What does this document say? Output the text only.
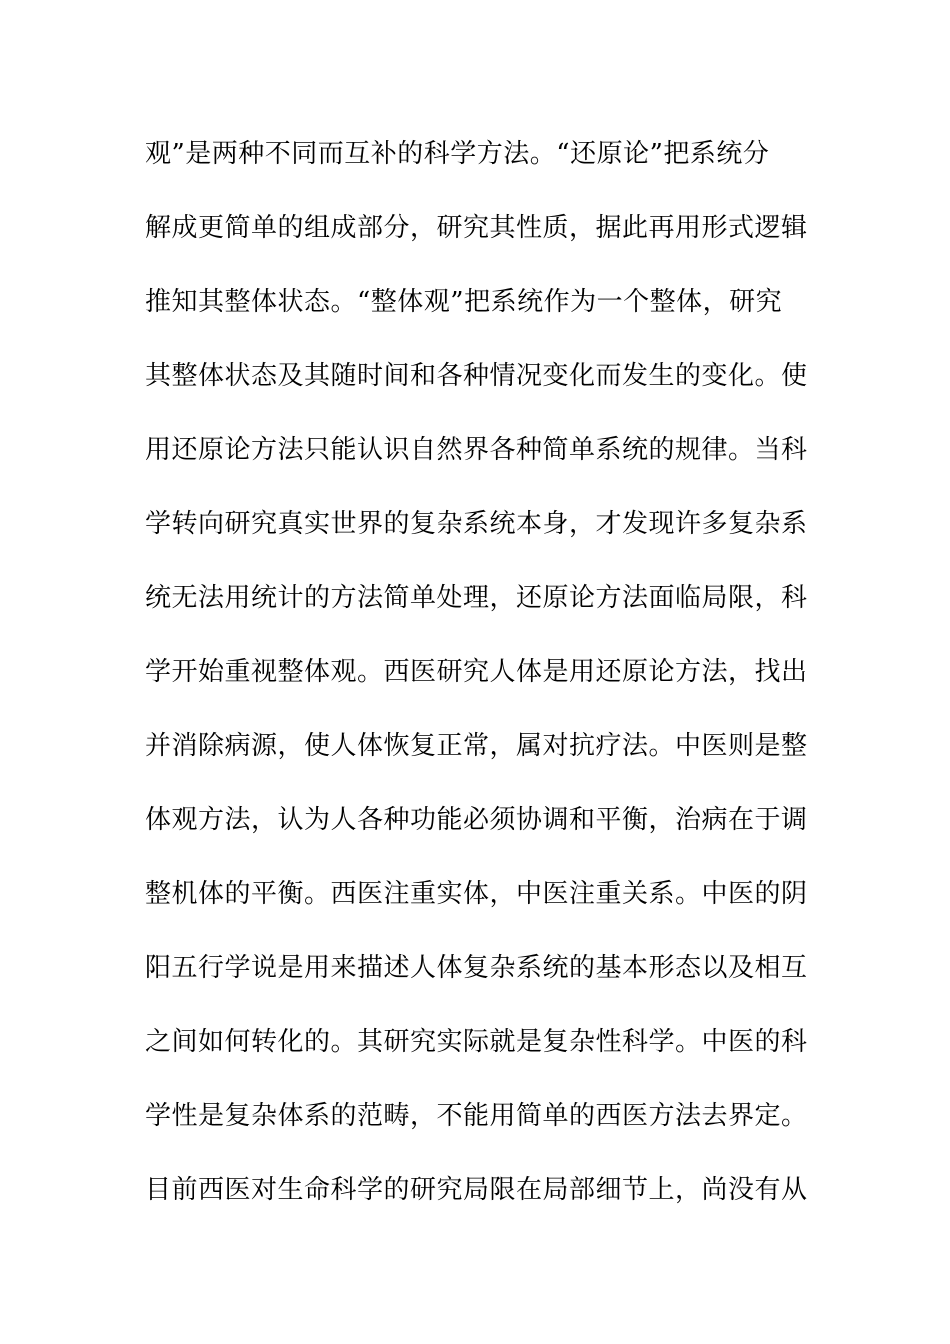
观”是两种不同而互补的科学方法。“还原论”把系统分
解成更简单的组成部分，研究其性质，据此再用形式逻辑
推知其整体状态。“整体观”把系统作为一个整体，研究
其整体状态及其随时间和各种情况变化而发生的变化。使
用还原论方法只能认识自然界各种简单系统的规律。当科
学转向研究真实世界的复杂系统本身，才发现许多复杂系
统无法用统计的方法简单处理，还原论方法面临局限，科
学开始重视整体观。西医研究人体是用还原论方法，找出
并消除病源，使人体恢复正常，属对抗疗法。中医则是整
体观方法，认为人各种功能必须协调和平衡，治病在于调
整机体的平衡。西医注重实体，中医注重关系。中医的阴
阳五行学说是用来描述人体复杂系统的基本形态以及相互
之间如何转化的。其研究实际就是复杂性科学。中医的科
学性是复杂体系的范畴，不能用简单的西医方法去界定。
目前西医对生命科学的研究局限在局部细节上，尚没有从
